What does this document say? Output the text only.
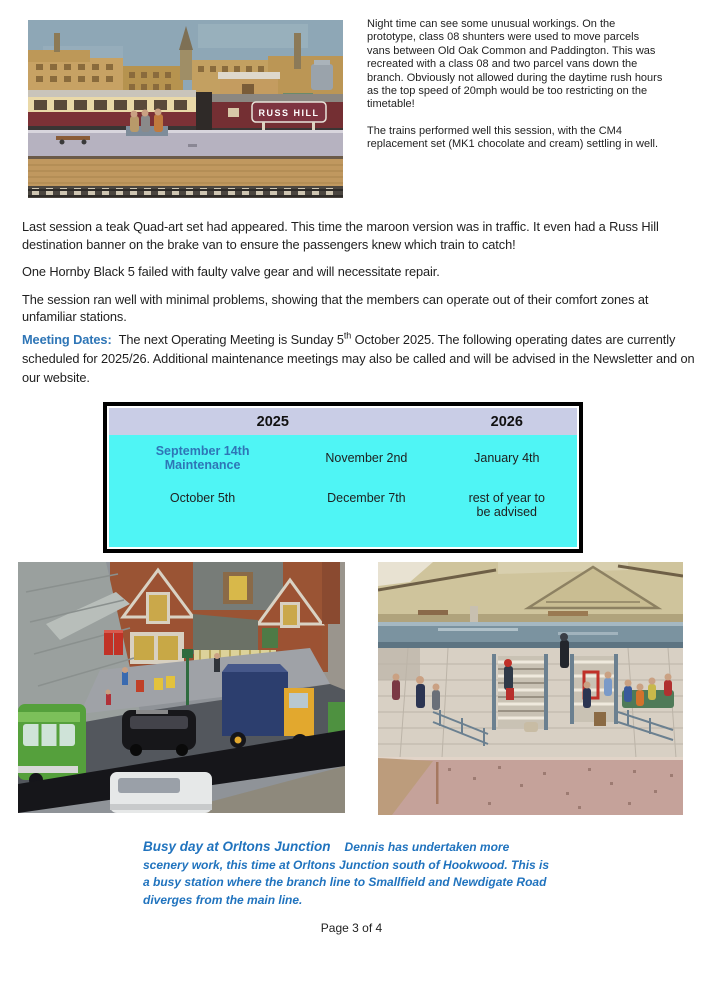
RUSS HILL

Night time can see some unusual workings. On the prototype, class 08 shunters were used to move parcels vans between Old Oak Common and Paddington. This was recreated with a class 08 and two parcel vans down the branch. Obviously not allowed during the daytime rush hours as the top speed of 20mph would be too restricting on the timetable!

The trains performed well this session, with the CM4 replacement set (MK1 chocolate and cream) settling in well.

Last session a teak Quad-art set had appeared. This time the maroon version was in traffic. It even had a Russ Hill destination banner on the brake van to ensure the passengers knew which train to catch!

One Hornby Black 5 failed with faulty valve gear and will necessitate repair.

The session ran well with minimal problems, showing that the members can operate out of their comfort zones at unfamiliar stations.

Meeting Dates: The next Operating Meeting is Sunday 5th October 2025. The following operating dates are currently scheduled for 2025/26. Additional maintenance meetings may also be called and will be advised in the Newsletter and on our website.
2025		2026
September 14th Maintenance	November 2nd	January 4th
October 5th	December 7th	rest of year to be advised
Busy day at Orltons Junction Dennis has undertaken more scenery work, this time at Orltons Junction south of Hookwood. This is a busy station where the branch line to Smallfield and Newdigate Road diverges from the main line.
Page 3 of 4
